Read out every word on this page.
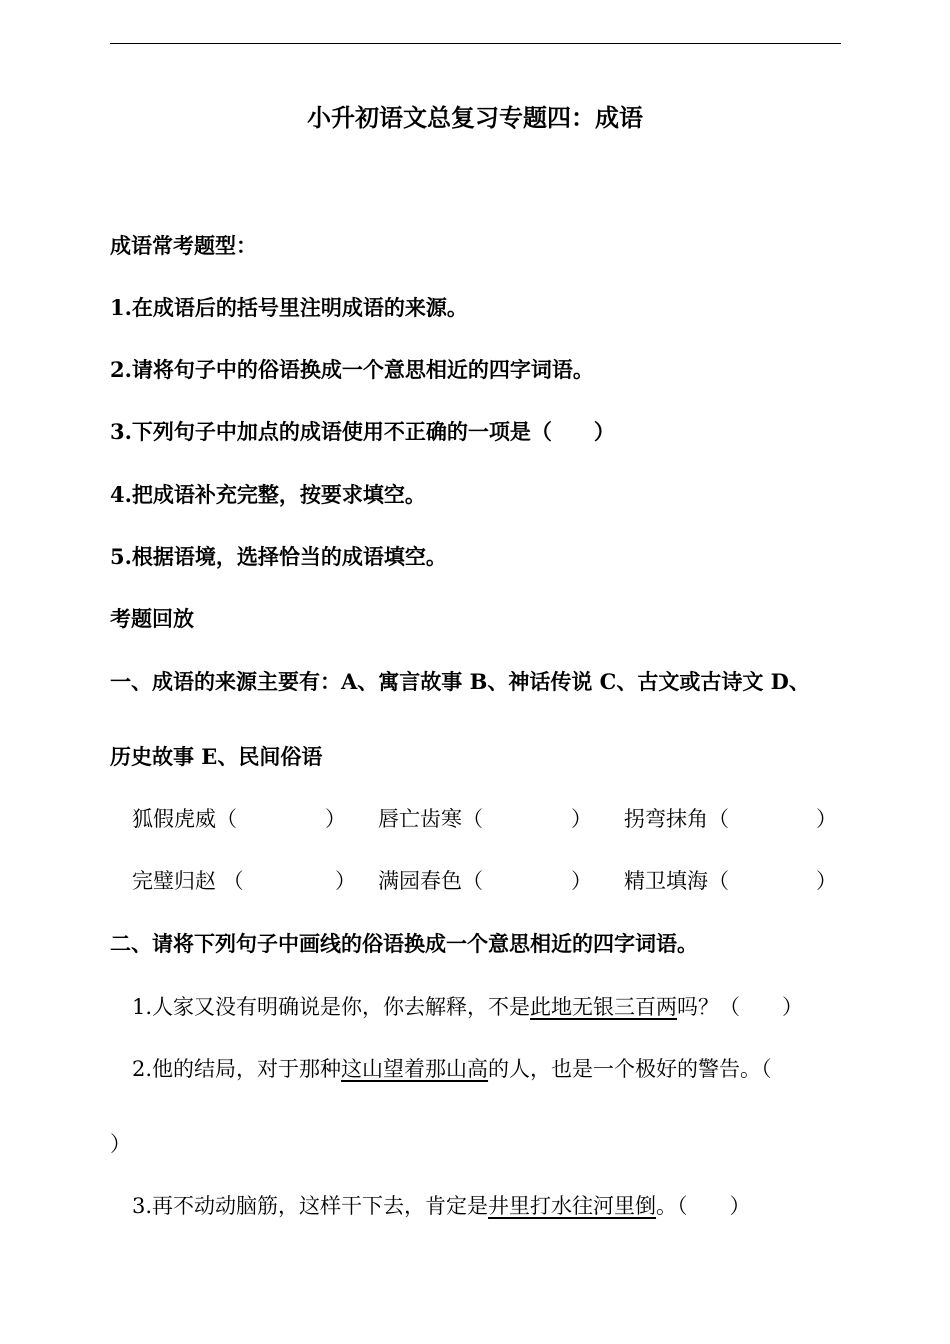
小升初语文总复习专题四：成语
成语常考题型：
1.在成语后的括号里注明成语的来源。
2.请将句子中的俗语换成一个意思相近的四字词语。
3.下列句子中加点的成语使用不正确的一项是（　　）
4.把成语补充完整，按要求填空。
5.根据语境，选择恰当的成语填空。
考题回放
一、成语的来源主要有：A、寓言故事 B、神话传说 C、古文或古诗文 D、
历史故事 E、民间俗语
狐假虎威（	） 唇亡齿寒（	） 拐弯抹角（	）
完璧归赵 （	） 满园春色（	） 精卫填海（	）
二、请将下列句子中画线的俗语换成一个意思相近的四字词语。
1.人家又没有明确说是你，你去解释，不是此地无银三百两吗？（　　）
2.他的结局，对于那种这山望着那山高的人，也是一个极好的警告。（
）
3.再不动动脑筋，这样干下去，肯定是井里打水往河里倒。（　　）
